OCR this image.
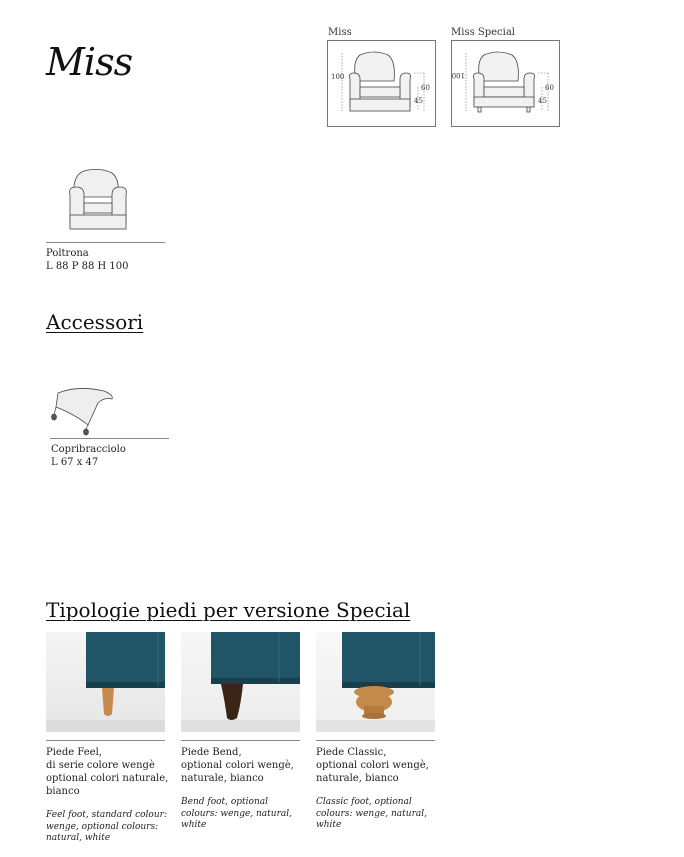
Miss
Miss
100
60
45
Miss Special
100
60
45
Poltrona
L 88 P 88 H 100
Accessori
Copribracciolo
L 67 x 47
Tipologie piedi per versione Special
Piede Feel,
di serie colore wengè
optional colori naturale,
bianco
Feel foot, standard colour:
wenge, optional colours:
natural, white
Piede Bend,
optional colori wengè,
naturale, bianco
Bend foot, optional
colours: wenge, natural,
white
Piede Classic,
optional colori wengè,
naturale, bianco
Classic foot, optional
colours: wenge, natural,
white
